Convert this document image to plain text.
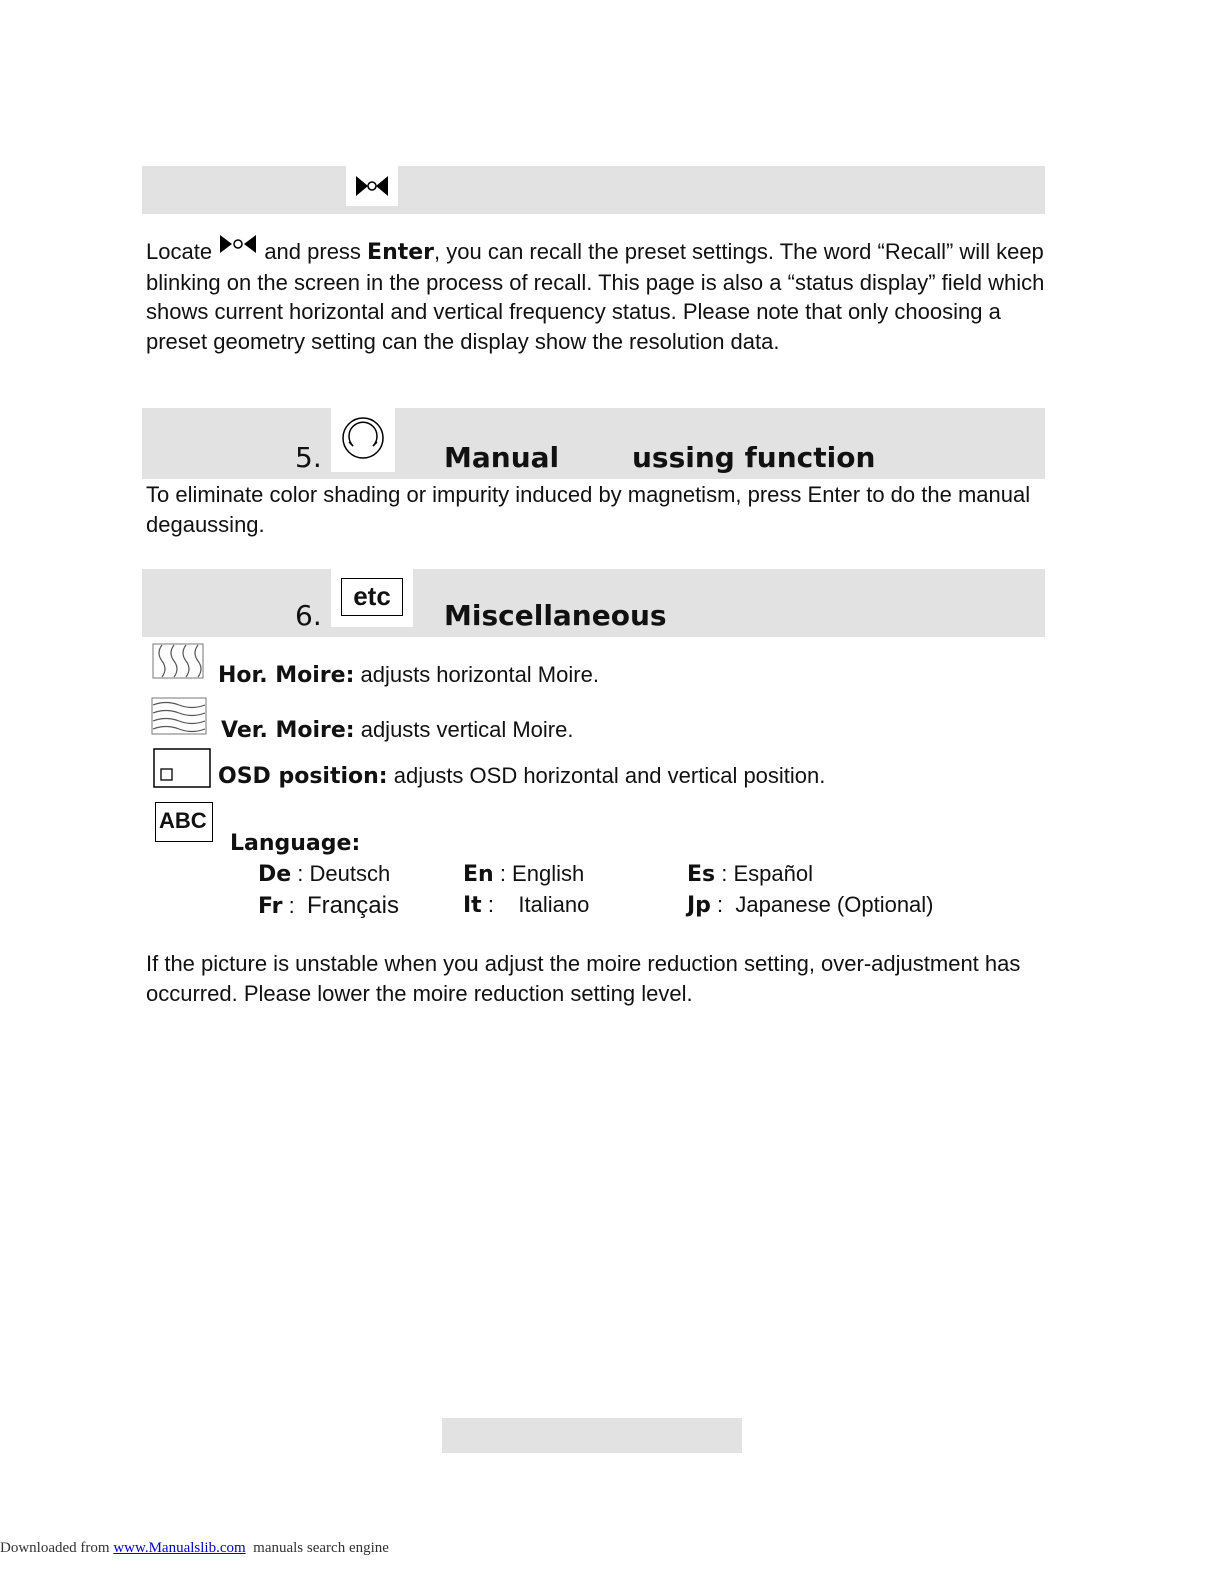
Locate  and press Enter, you can recall the preset settings. The word “Recall” will keep blinking on the screen in the process of recall. This page is also a “status display” field which shows current horizontal and vertical frequency status. Please note that only choosing a preset geometry setting can the display show the resolution data.
5.	Manual	ussing function
To eliminate color shading or impurity induced by magnetism, press Enter to do the manual degaussing.
etc
6.	Miscellaneous
Hor. Moire: adjusts horizontal Moire.
Ver. Moire: adjusts vertical Moire.
OSD position: adjusts OSD horizontal and vertical position.
ABC
Language:
De : Deutsch	En : English	Es : Español
Fr :  Français	It :    Italiano	Jp :  Japanese (Optional)
If the picture is unstable when you adjust the moire reduction setting, over-adjustment has occurred. Please lower the moire reduction setting level.
Downloaded from www.Manualslib.com  manuals search engine
